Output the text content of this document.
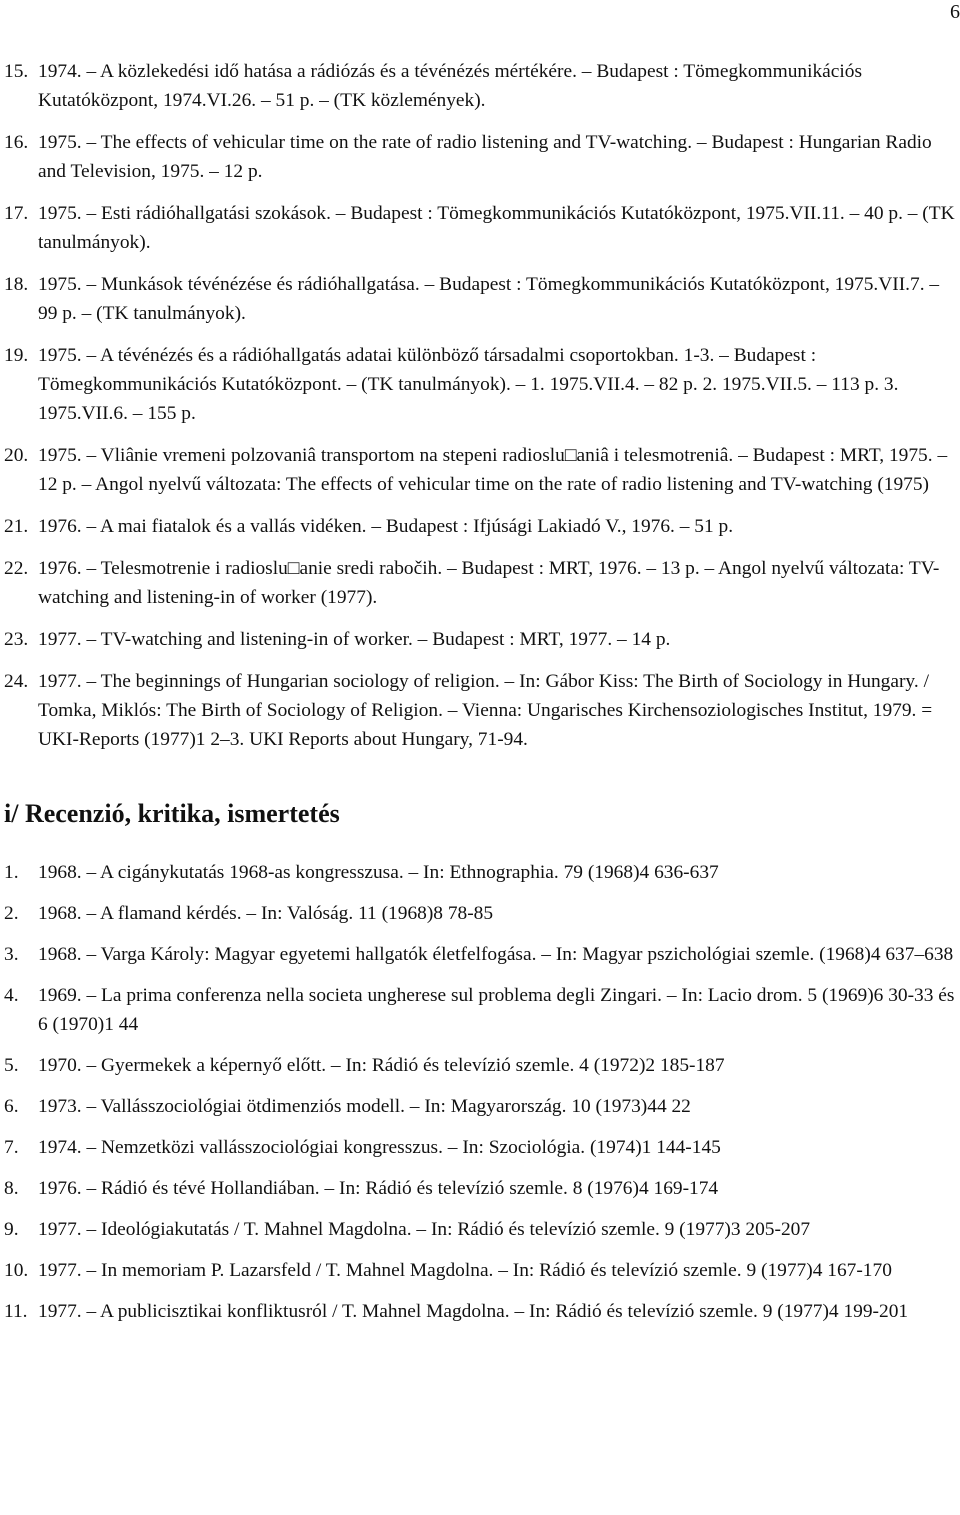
6
15. 1974. – A közlekedési idő hatása a rádiózás és a tévénézés mértékére. – Budapest : Tömegkommunikációs Kutatóközpont, 1974.VI.26. – 51 p. – (TK közlemények).
16. 1975. – The effects of vehicular time on the rate of radio listening and TV-watching. – Budapest : Hungarian Radio and Television, 1975. – 12 p.
17. 1975. – Esti rádióhallgatási szokások. – Budapest : Tömegkommunikációs Kutatóközpont, 1975.VII.11. – 40 p. – (TK tanulmányok).
18. 1975. – Munkások tévénézése és rádióhallgatása. – Budapest : Tömegkommunikációs Kutatóközpont, 1975.VII.7. – 99 p. – (TK tanulmányok).
19. 1975. – A tévénézés és a rádióhallgatás adatai különböző társadalmi csoportokban. 1-3. – Budapest : Tömegkommunikációs Kutatóközpont. – (TK tanulmányok). – 1. 1975.VII.4. – 82 p. 2. 1975.VII.5. – 113 p. 3. 1975.VII.6. – 155 p.
20. 1975. – Vliânie vremeni polzovaniâ transportom na stepeni radioslu□aniâ i telesmotreniâ. – Budapest : MRT, 1975. – 12 p. – Angol nyelvű változata: The effects of vehicular time on the rate of radio listening and TV-watching (1975)
21. 1976. – A mai fiatalok és a vallás vidéken. – Budapest : Ifjúsági Lakiadó V., 1976. – 51 p.
22. 1976. – Telesmotrenie i radioslu□anie sredi rabočih. – Budapest : MRT, 1976. – 13 p. – Angol nyelvű változata: TV-watching and listening-in of worker (1977).
23. 1977. – TV-watching and listening-in of worker. – Budapest : MRT, 1977. – 14 p.
24. 1977. – The beginnings of Hungarian sociology of religion. – In: Gábor Kiss: The Birth of Sociology in Hungary. / Tomka, Miklós: The Birth of Sociology of Religion. – Vienna: Ungarisches Kirchensoziologisches Institut, 1979. = UKI-Reports (1977)1 2–3. UKI Reports about Hungary, 71-94.
i/ Recenzió, kritika, ismertetés
1. 1968. – A cigánykutatás 1968-as kongresszusa. – In: Ethnographia. 79 (1968)4 636-637
2. 1968. – A flamand kérdés. – In: Valóság. 11 (1968)8 78-85
3. 1968. – Varga Károly: Magyar egyetemi hallgatók életfelfogása. – In: Magyar pszichológiai szemle. (1968)4 637–638
4. 1969. – La prima conferenza nella societa ungherese sul problema degli Zingari. – In: Lacio drom. 5 (1969)6 30-33 és 6 (1970)1 44
5. 1970. – Gyermekek a képernyő előtt. – In: Rádió és televízió szemle. 4 (1972)2 185-187
6. 1973. – Vallásszociológiai ötdimenziós modell. – In: Magyarország. 10 (1973)44 22
7. 1974. – Nemzetközi vallásszociológiai kongresszus. – In: Szociológia. (1974)1 144-145
8. 1976. – Rádió és tévé Hollandiában. – In: Rádió és televízió szemle. 8 (1976)4 169-174
9. 1977. – Ideológiakutatás / T. Mahnel Magdolna. – In: Rádió és televízió szemle. 9 (1977)3 205-207
10. 1977. – In memoriam P. Lazarsfeld / T. Mahnel Magdolna. – In: Rádió és televízió szemle. 9 (1977)4 167-170
11. 1977. – A publicisztikai konfliktusról / T. Mahnel Magdolna. – In: Rádió és televízió szemle. 9 (1977)4 199-201
